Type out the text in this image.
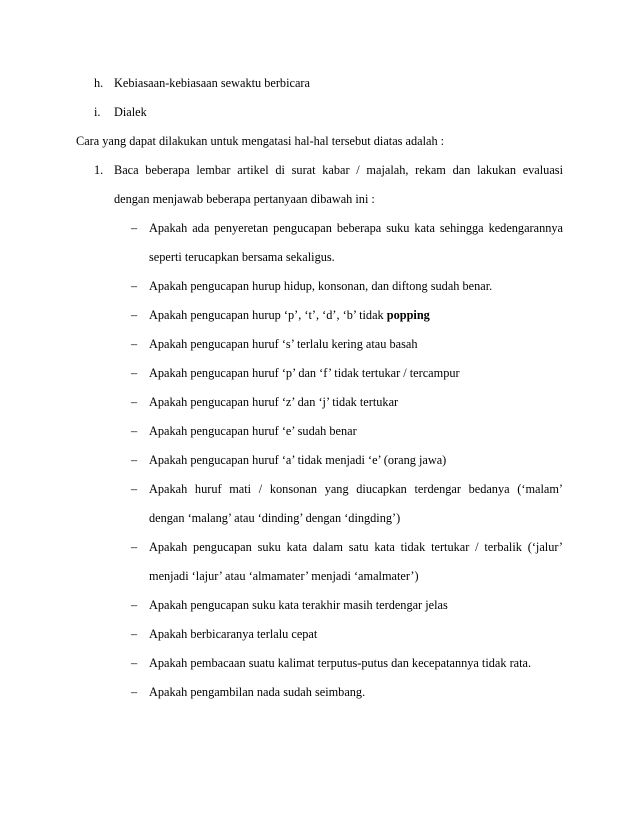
h. Kebiasaan-kebiasaan sewaktu berbicara
i. Dialek
Cara yang dapat dilakukan untuk mengatasi hal-hal tersebut diatas adalah :
1. Baca beberapa lembar artikel di surat kabar / majalah, rekam dan lakukan evaluasi
dengan menjawab beberapa pertanyaan dibawah ini :
– Apakah ada penyeretan pengucapan beberapa suku kata sehingga kedengarannya
seperti terucapkan bersama sekaligus.
– Apakah pengucapan hurup hidup, konsonan, dan diftong sudah benar.
– Apakah pengucapan hurup ‘p’, ‘t’, ‘d’, ‘b’ tidak popping
– Apakah pengucapan huruf ‘s’ terlalu kering atau basah
– Apakah pengucapan huruf ‘p’ dan ‘f’ tidak tertukar / tercampur
– Apakah pengucapan huruf ‘z’ dan ‘j’ tidak tertukar
– Apakah pengucapan huruf ‘e’ sudah benar
– Apakah pengucapan huruf ‘a’ tidak menjadi ‘e’ (orang jawa)
– Apakah huruf mati / konsonan yang diucapkan terdengar bedanya (‘malam’
dengan ‘malang’ atau ‘dinding’ dengan ‘dingding’)
– Apakah pengucapan suku kata dalam satu kata tidak tertukar / terbalik (‘jalur’
menjadi ‘lajur’ atau ‘almamater’ menjadi ‘amalmater’)
– Apakah pengucapan suku kata terakhir masih terdengar jelas
– Apakah berbicaranya terlalu cepat
– Apakah pembacaan suatu kalimat terputus-putus dan kecepatannya tidak rata.
– Apakah pengambilan nada sudah seimbang.
